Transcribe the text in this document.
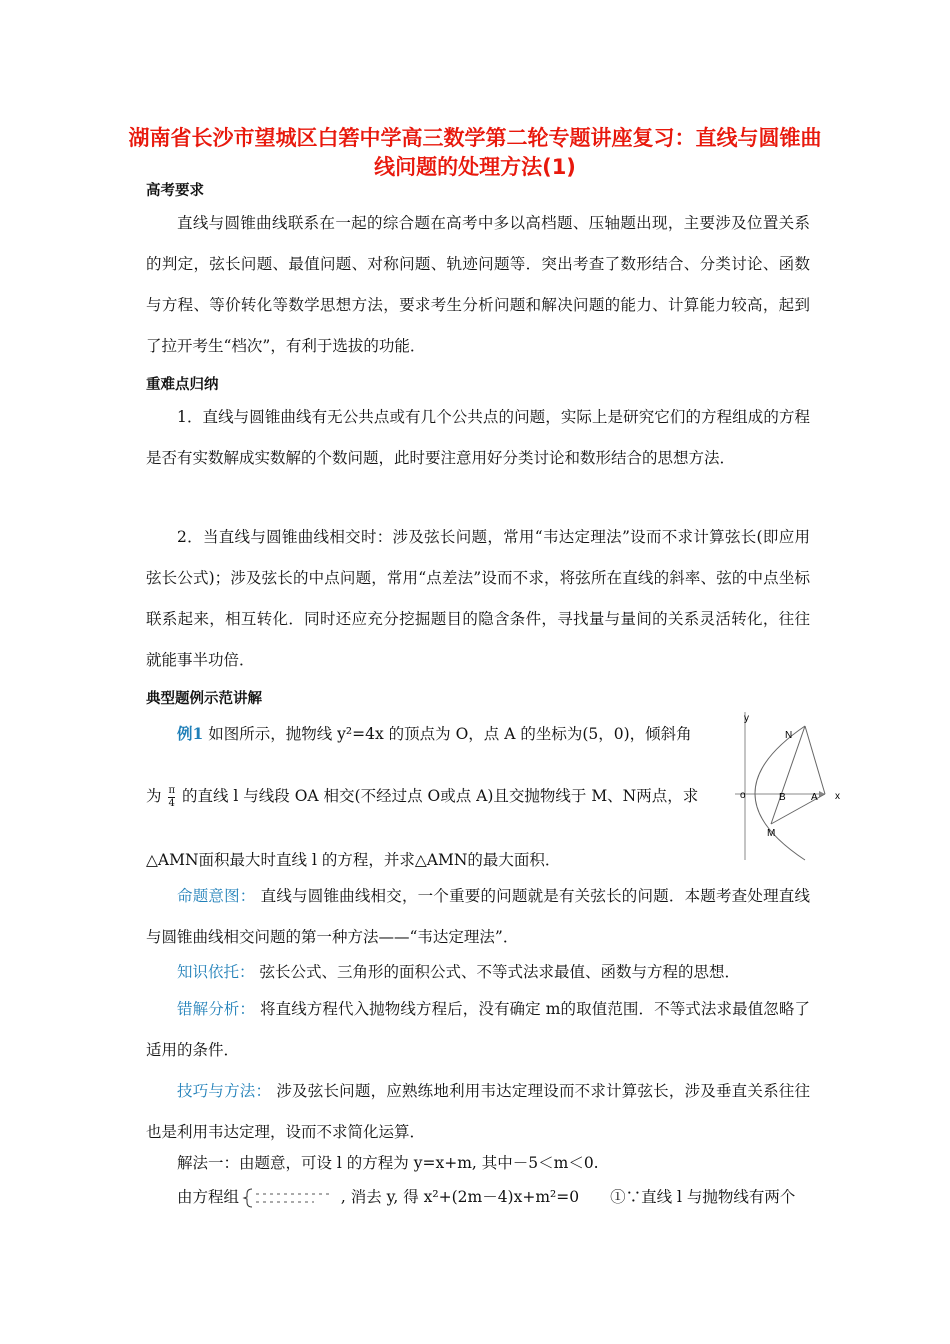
湖南省长沙市望城区白箬中学高三数学第二轮专题讲座复习：直线与圆锥曲线问题的处理方法(1)
高考要求
直线与圆锥曲线联系在一起的综合题在高考中多以高档题、压轴题出现，主要涉及位置关系的判定，弦长问题、最值问题、对称问题、轨迹问题等．突出考查了数形结合、分类讨论、函数与方程、等价转化等数学思想方法，要求考生分析问题和解决问题的能力、计算能力较高，起到了拉开考生“档次”，有利于选拔的功能．
重难点归纳
1．直线与圆锥曲线有无公共点或有几个公共点的问题，实际上是研究它们的方程组成的方程是否有实数解成实数解的个数问题，此时要注意用好分类讨论和数形结合的思想方法．
2．当直线与圆锥曲线相交时：涉及弦长问题，常用“韦达定理法”设而不求计算弦长(即应用弦长公式)；涉及弦长的中点问题，常用“点差法”设而不求，将弦所在直线的斜率、弦的中点坐标联系起来，相互转化．同时还应充分挖掘题目的隐含条件，寻找量与量间的关系灵活转化，往往就能事半功倍．
典型题例示范讲解
例1 如图所示，抛物线 y²=4x 的顶点为 O，点 A 的坐标为(5，0)，倾斜角
为 $\frac{\pi}{4}$ 的直线 l 与线段 OA 相交(不经过点 O或点 A)且交抛物线于 M、N两点，求
△AMN面积最大时直线 l 的方程，并求△AMN的最大面积．
y
x
o	B	A
N
M
命题意图： 直线与圆锥曲线相交，一个重要的问题就是有关弦长的问题．本题考查处理直线与圆锥曲线相交问题的第一种方法——“韦达定理法”．
知识依托： 弦长公式、三角形的面积公式、不等式法求最值、函数与方程的思想．
错解分析： 将直线方程代入抛物线方程后，没有确定 m的取值范围．不等式法求最值忽略了适用的条件．
技巧与方法： 涉及弦长问题，应熟练地利用韦达定理设而不求计算弦长，涉及垂直关系往往也是利用韦达定理，设而不求简化运算．
解法一：由题意，可设 l 的方程为 y=x+m, 其中－5＜m＜0.
由方程组	, 消去 y, 得 x²+(2m－4)x+m²=0　　①∵直线 l 与抛物线有两个
